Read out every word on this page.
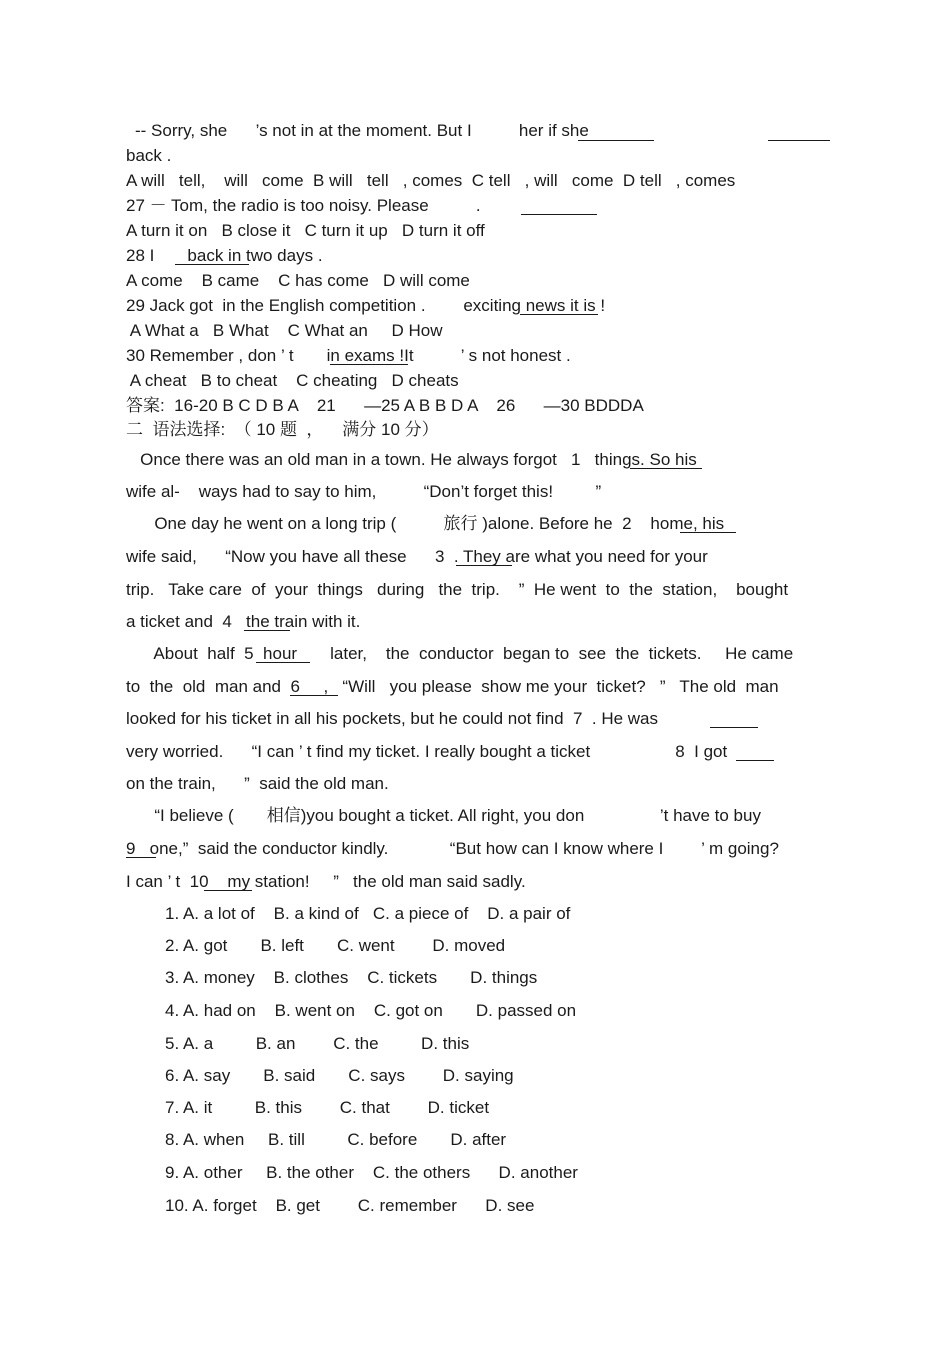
-- Sorry, she      ’s not in at the moment. But I          her if she
back .
A will   tell,    will   come  B will   tell   , comes  C tell   , will   come  D tell   , comes
27 － Tom, the radio is too noisy. Please          .
A turn it on   B close it   C turn it up   D turn it off
28 I       back in two days .
A come    B came    C has come   D will come
29 Jack got  in the English competition .        exciting news it is !
A What a   B What    C What an     D How
30 Remember , don ’ t       in exams !It          ’ s not honest .
A cheat   B to cheat    C cheating   D cheats
答案:  16-20 B C D B A    21      —25 A B B D A    26      —30 BDDDA
二  语法选择:  （ 10 题  ，    满分 10 分）
Once there was an old man in a town. He always forgot   1   things. So his
wife al-    ways had to say to him,          “Don’t forget this!         ”
One day he went on a long trip (          旅行 )alone. Before he  2    home, his
wife said,      “Now you have all these      3  . They are what you need for your
trip.   Take care  of  your  things   during   the  trip.    ”  He went  to  the  station,    bought
a ticket and  4   the train with it.
About  half  5  hour       later,    the  conductor  began to  see  the  tickets.     He came
to  the  old  man and  6     ,   “Will   you please  show me your  ticket?   ”   The old  man
looked for his ticket in all his pockets, but he could not find  7  . He was
very worried.      “I can ’ t find my ticket. I really bought a ticket                  8  I got
on the train,      ”  said the old man.
“I believe (       相信)you bought a ticket. All right, you don                ’t have to buy
9   one,”  said the conductor kindly.             “But how can I know where I        ’ m going?
I can ’ t  10    my station!     ”   the old man said sadly.
1. A. a lot of    B. a kind of   C. a piece of    D. a pair of
2. A. got       B. left       C. went        D. moved
3. A. money    B. clothes    C. tickets       D. things
4. A. had on    B. went on    C. got on       D. passed on
5. A. a         B. an        C. the         D. this
6. A. say       B. said       C. says        D. saying
7. A. it         B. this        C. that        D. ticket
8. A. when     B. till         C. before       D. after
9. A. other     B. the other    C. the others      D. another
10. A. forget    B. get        C. remember      D. see
